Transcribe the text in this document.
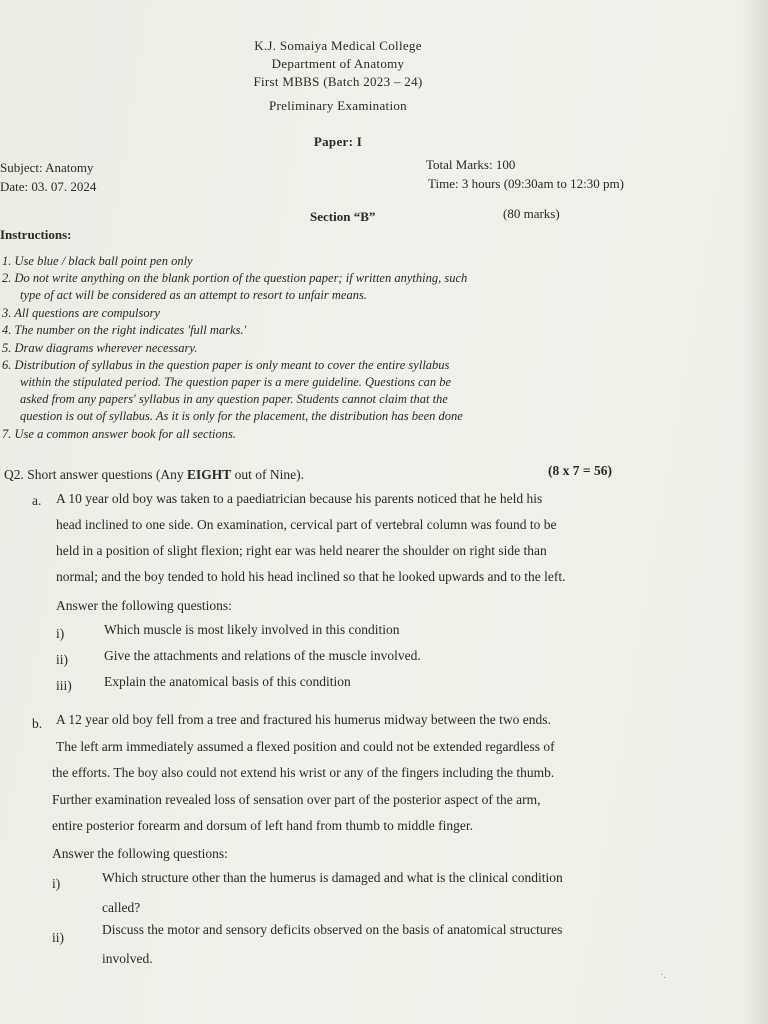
K.J. Somaiya Medical College
Department of Anatomy
First MBBS (Batch 2023 – 24)
Preliminary Examination
Paper: I
Subject: Anatomy
Date: 03. 07. 2024
Total Marks: 100
Time: 3 hours (09:30am to 12:30 pm)
Section “B”	(80 marks)
Instructions:
1. Use blue / black ball point pen only
2. Do not write anything on the blank portion of the question paper; if written anything, such
type of act will be considered as an attempt to resort to unfair means.
3. All questions are compulsory
4. The number on the right indicates 'full marks.'
5. Draw diagrams wherever necessary.
6. Distribution of syllabus in the question paper is only meant to cover the entire syllabus
within the stipulated period. The question paper is a mere guideline. Questions can be
asked from any papers' syllabus in any question paper. Students cannot claim that the
question is out of syllabus. As it is only for the placement, the distribution has been done
7. Use a common answer book for all sections.
Q2. Short answer questions (Any EIGHT out of Nine).	(8 x 7 = 56)
a. A 10 year old boy was taken to a paediatrician because his parents noticed that he held his
head inclined to one side. On examination, cervical part of vertebral column was found to be
held in a position of slight flexion; right ear was held nearer the shoulder on right side than
normal; and the boy tended to hold his head inclined so that he looked upwards and to the left.
Answer the following questions:
i)	Which muscle is most likely involved in this condition
ii)	Give the attachments and relations of the muscle involved.
iii) Explain the anatomical basis of this condition
b. A 12 year old boy fell from a tree and fractured his humerus midway between the two ends.
The left arm immediately assumed a flexed position and could not be extended regardless of
the efforts. The boy also could not extend his wrist or any of the fingers including the thumb.
Further examination revealed loss of sensation over part of the posterior aspect of the arm,
entire posterior forearm and dorsum of left hand from thumb to middle finger.
Answer the following questions:
i)	Which structure other than the humerus is damaged and what is the clinical condition
called?
ii)
Discuss the motor and sensory deficits observed on the basis of anatomical structures
involved.
·.
